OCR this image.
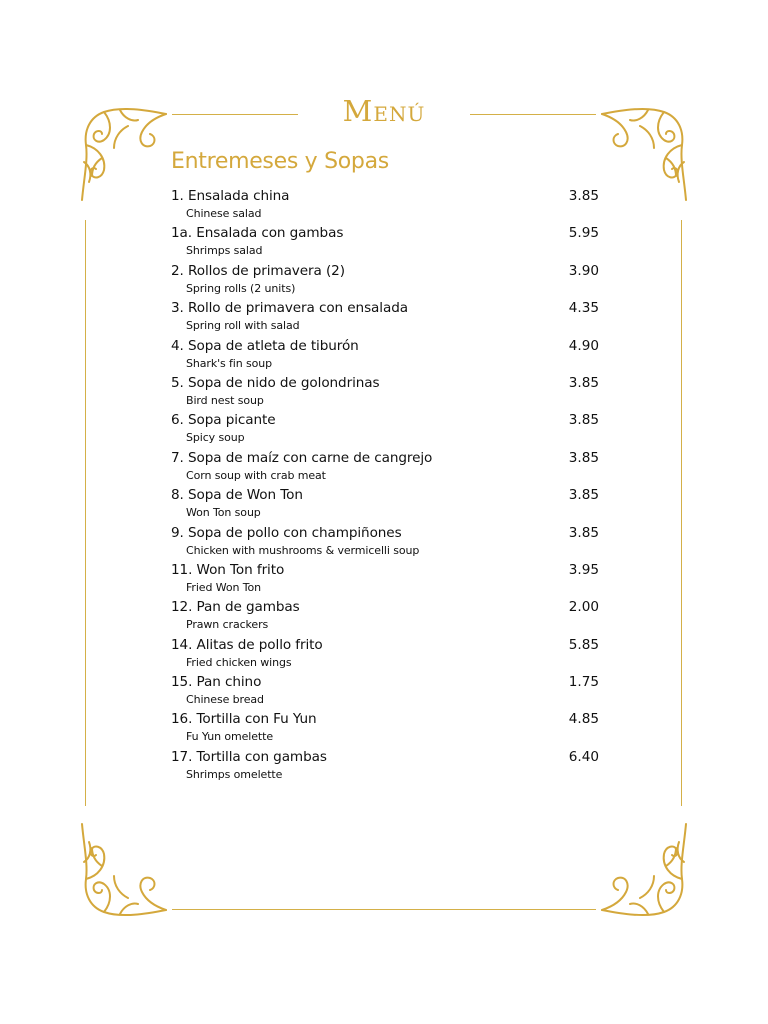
Menú
Entremeses y Sopas
1. Ensalada china	3.85
Chinese salad
1a. Ensalada con gambas	5.95
Shrimps salad
2. Rollos de primavera (2)	3.90
Spring rolls (2 units)
3. Rollo de primavera con ensalada	4.35
Spring roll with salad
4. Sopa de atleta de tiburón	4.90
Shark's fin soup
5. Sopa de nido de golondrinas	3.85
Bird nest soup
6. Sopa picante	3.85
Spicy soup
7. Sopa de maíz con carne de cangrejo	3.85
Corn soup with crab meat
8. Sopa de Won Ton	3.85
Won Ton soup
9. Sopa de pollo con champiñones	3.85
Chicken with mushrooms & vermicelli soup
11. Won Ton frito	3.95
Fried Won Ton
12. Pan de gambas	2.00
Prawn crackers
14. Alitas de pollo frito	5.85
Fried chicken wings
15. Pan chino	1.75
Chinese bread
16. Tortilla con Fu Yun	4.85
Fu Yun omelette
17. Tortilla con gambas	6.40
Shrimps omelette
